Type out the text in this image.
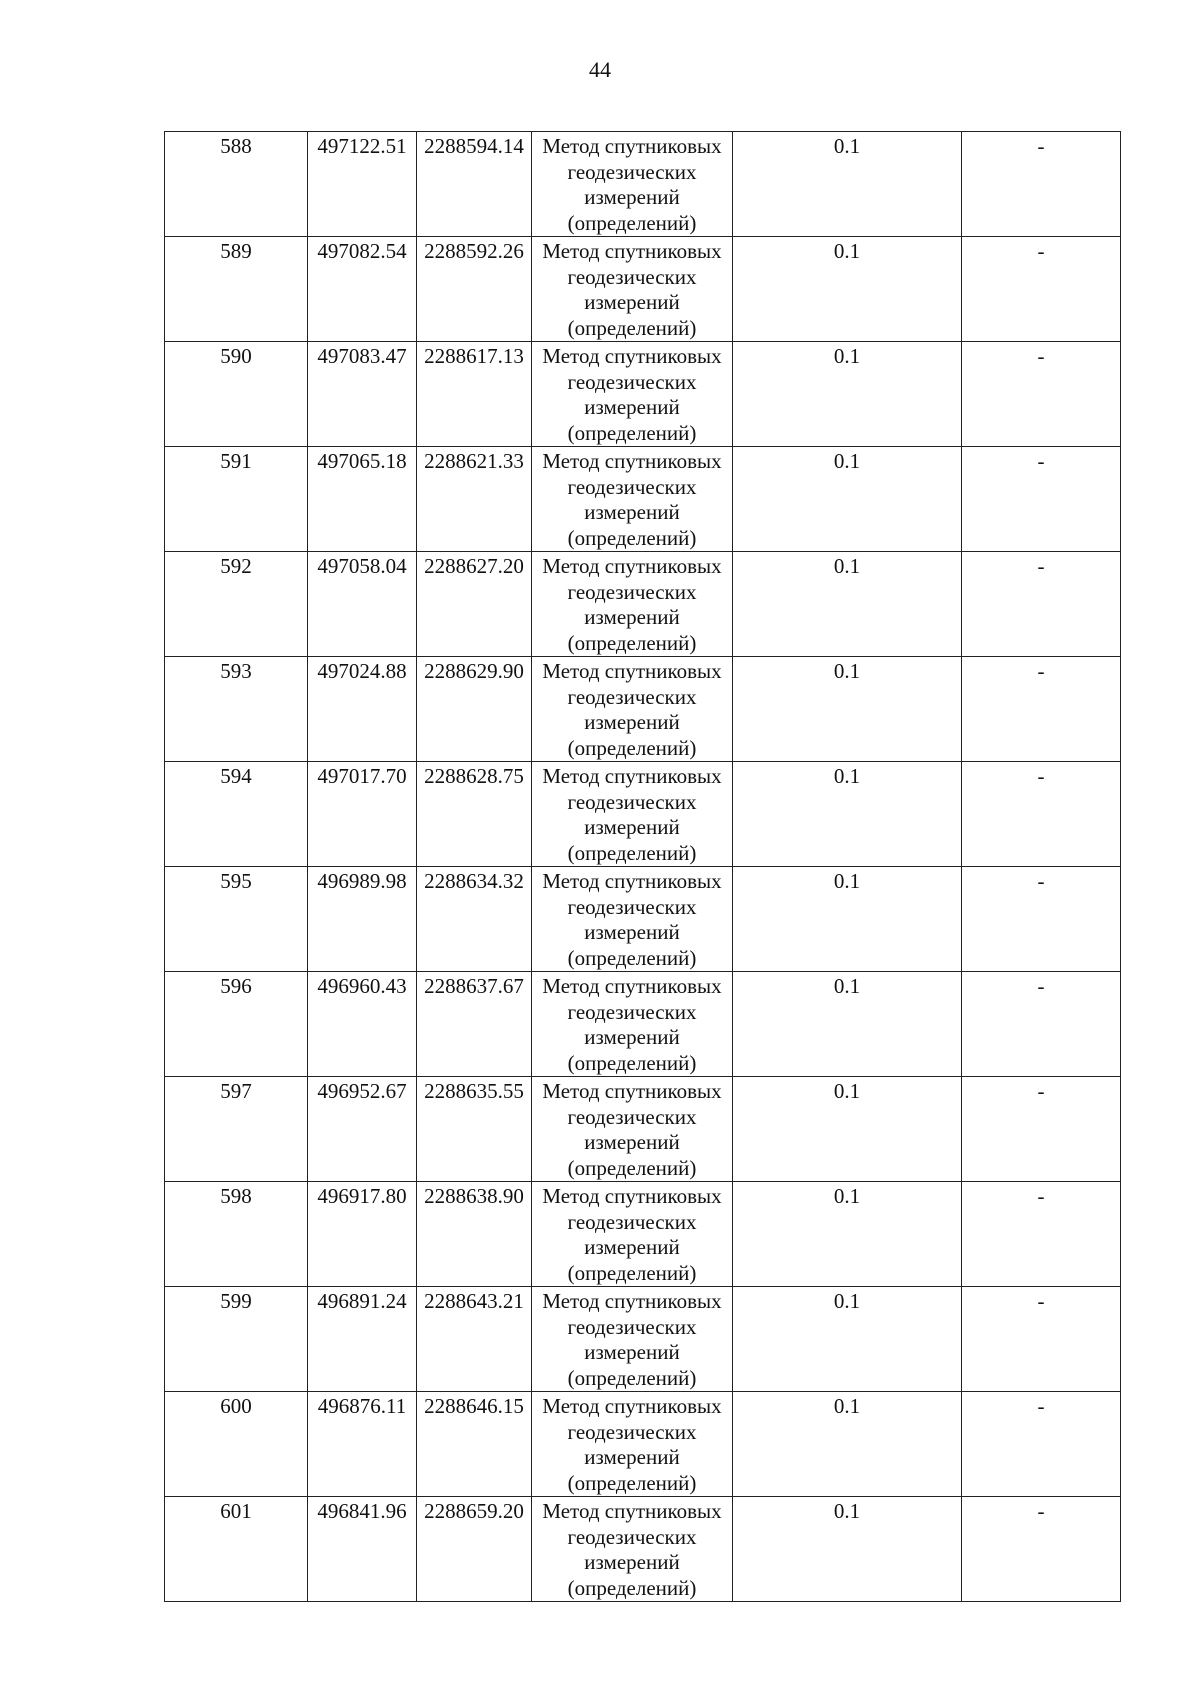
44
588	497122.51	2288594.14	Метод спутниковых
геодезических
измерений
(определений)	0.1	-

589	497082.54	2288592.26	Метод спутниковых
геодезических
измерений
(определений)	0.1	-

590	497083.47	2288617.13	Метод спутниковых
геодезических
измерений
(определений)	0.1	-

591	497065.18	2288621.33	Метод спутниковых
геодезических
измерений
(определений)	0.1	-

592	497058.04	2288627.20	Метод спутниковых
геодезических
измерений
(определений)	0.1	-

593	497024.88	2288629.90	Метод спутниковых
геодезических
измерений
(определений)	0.1	-

594	497017.70	2288628.75	Метод спутниковых
геодезических
измерений
(определений)	0.1	-

595	496989.98	2288634.32	Метод спутниковых
геодезических
измерений
(определений)	0.1	-

596	496960.43	2288637.67	Метод спутниковых
геодезических
измерений
(определений)	0.1	-

597	496952.67	2288635.55	Метод спутниковых
геодезических
измерений
(определений)	0.1	-

598	496917.80	2288638.90	Метод спутниковых
геодезических
измерений
(определений)	0.1	-

599	496891.24	2288643.21	Метод спутниковых
геодезических
измерений
(определений)	0.1	-

600	496876.11	2288646.15	Метод спутниковых
геодезических
измерений
(определений)	0.1	-

601	496841.96	2288659.20	Метод спутниковых
геодезических
измерений
(определений)	0.1	-
